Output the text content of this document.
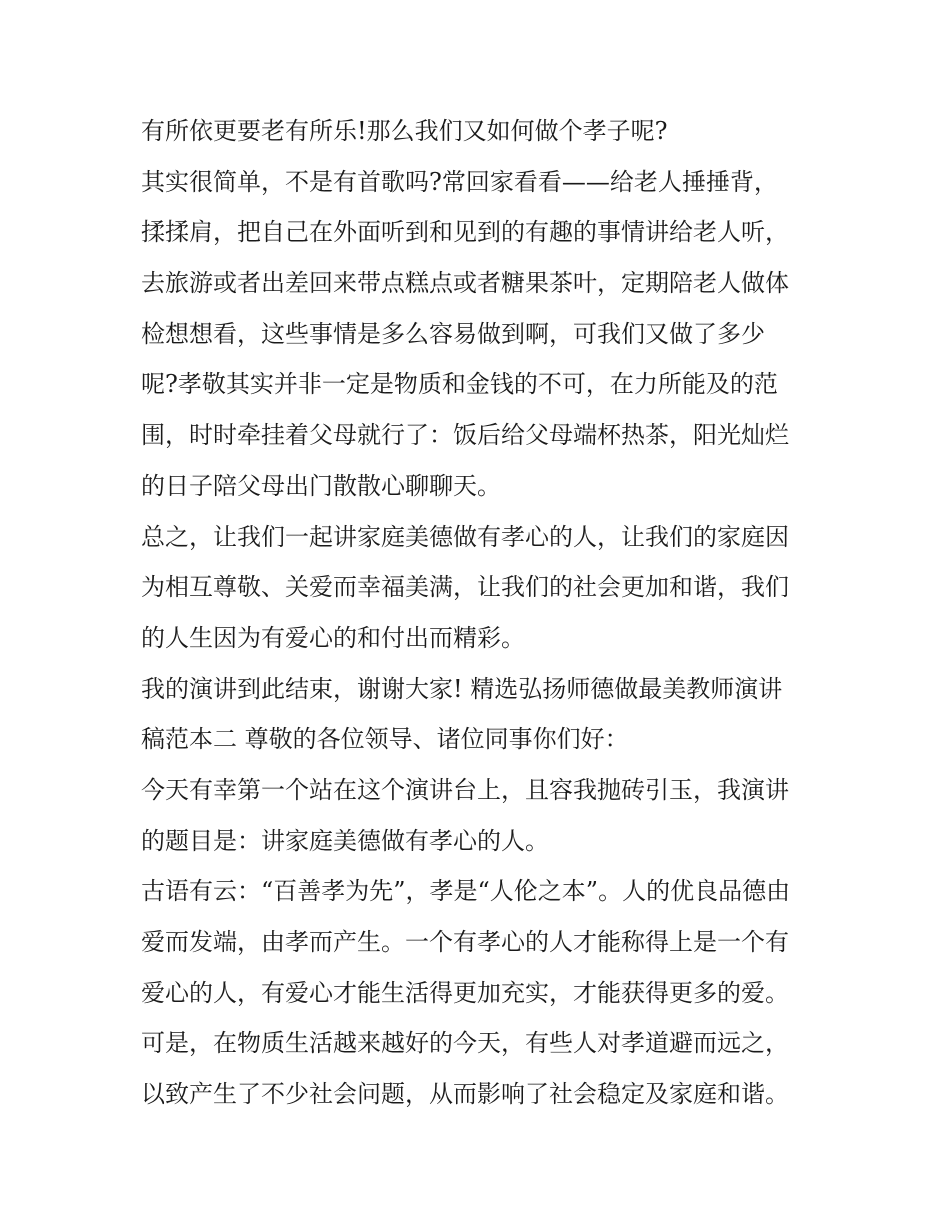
有所依更要老有所乐!那么我们又如何做个孝子呢?
其实很简单，不是有首歌吗?常回家看看——给老人捶捶背，
揉揉肩，把自己在外面听到和见到的有趣的事情讲给老人听，
去旅游或者出差回来带点糕点或者糖果茶叶，定期陪老人做体
检想想看，这些事情是多么容易做到啊，可我们又做了多少
呢?孝敬其实并非一定是物质和金钱的不可，在力所能及的范
围，时时牵挂着父母就行了：饭后给父母端杯热茶，阳光灿烂
的日子陪父母出门散散心聊聊天。
总之，让我们一起讲家庭美德做有孝心的人，让我们的家庭因
为相互尊敬、关爱而幸福美满，让我们的社会更加和谐，我们
的人生因为有爱心的和付出而精彩。
我的演讲到此结束，谢谢大家! 精选弘扬师德做最美教师演讲
稿范本二 尊敬的各位领导、诸位同事你们好：
今天有幸第一个站在这个演讲台上，且容我抛砖引玉，我演讲
的题目是：讲家庭美德做有孝心的人。
古语有云：“百善孝为先”，孝是“人伦之本”。人的优良品德由
爱而发端，由孝而产生。一个有孝心的人才能称得上是一个有
爱心的人，有爱心才能生活得更加充实，才能获得更多的爱。
可是，在物质生活越来越好的今天，有些人对孝道避而远之，
以致产生了不少社会问题，从而影响了社会稳定及家庭和谐。
